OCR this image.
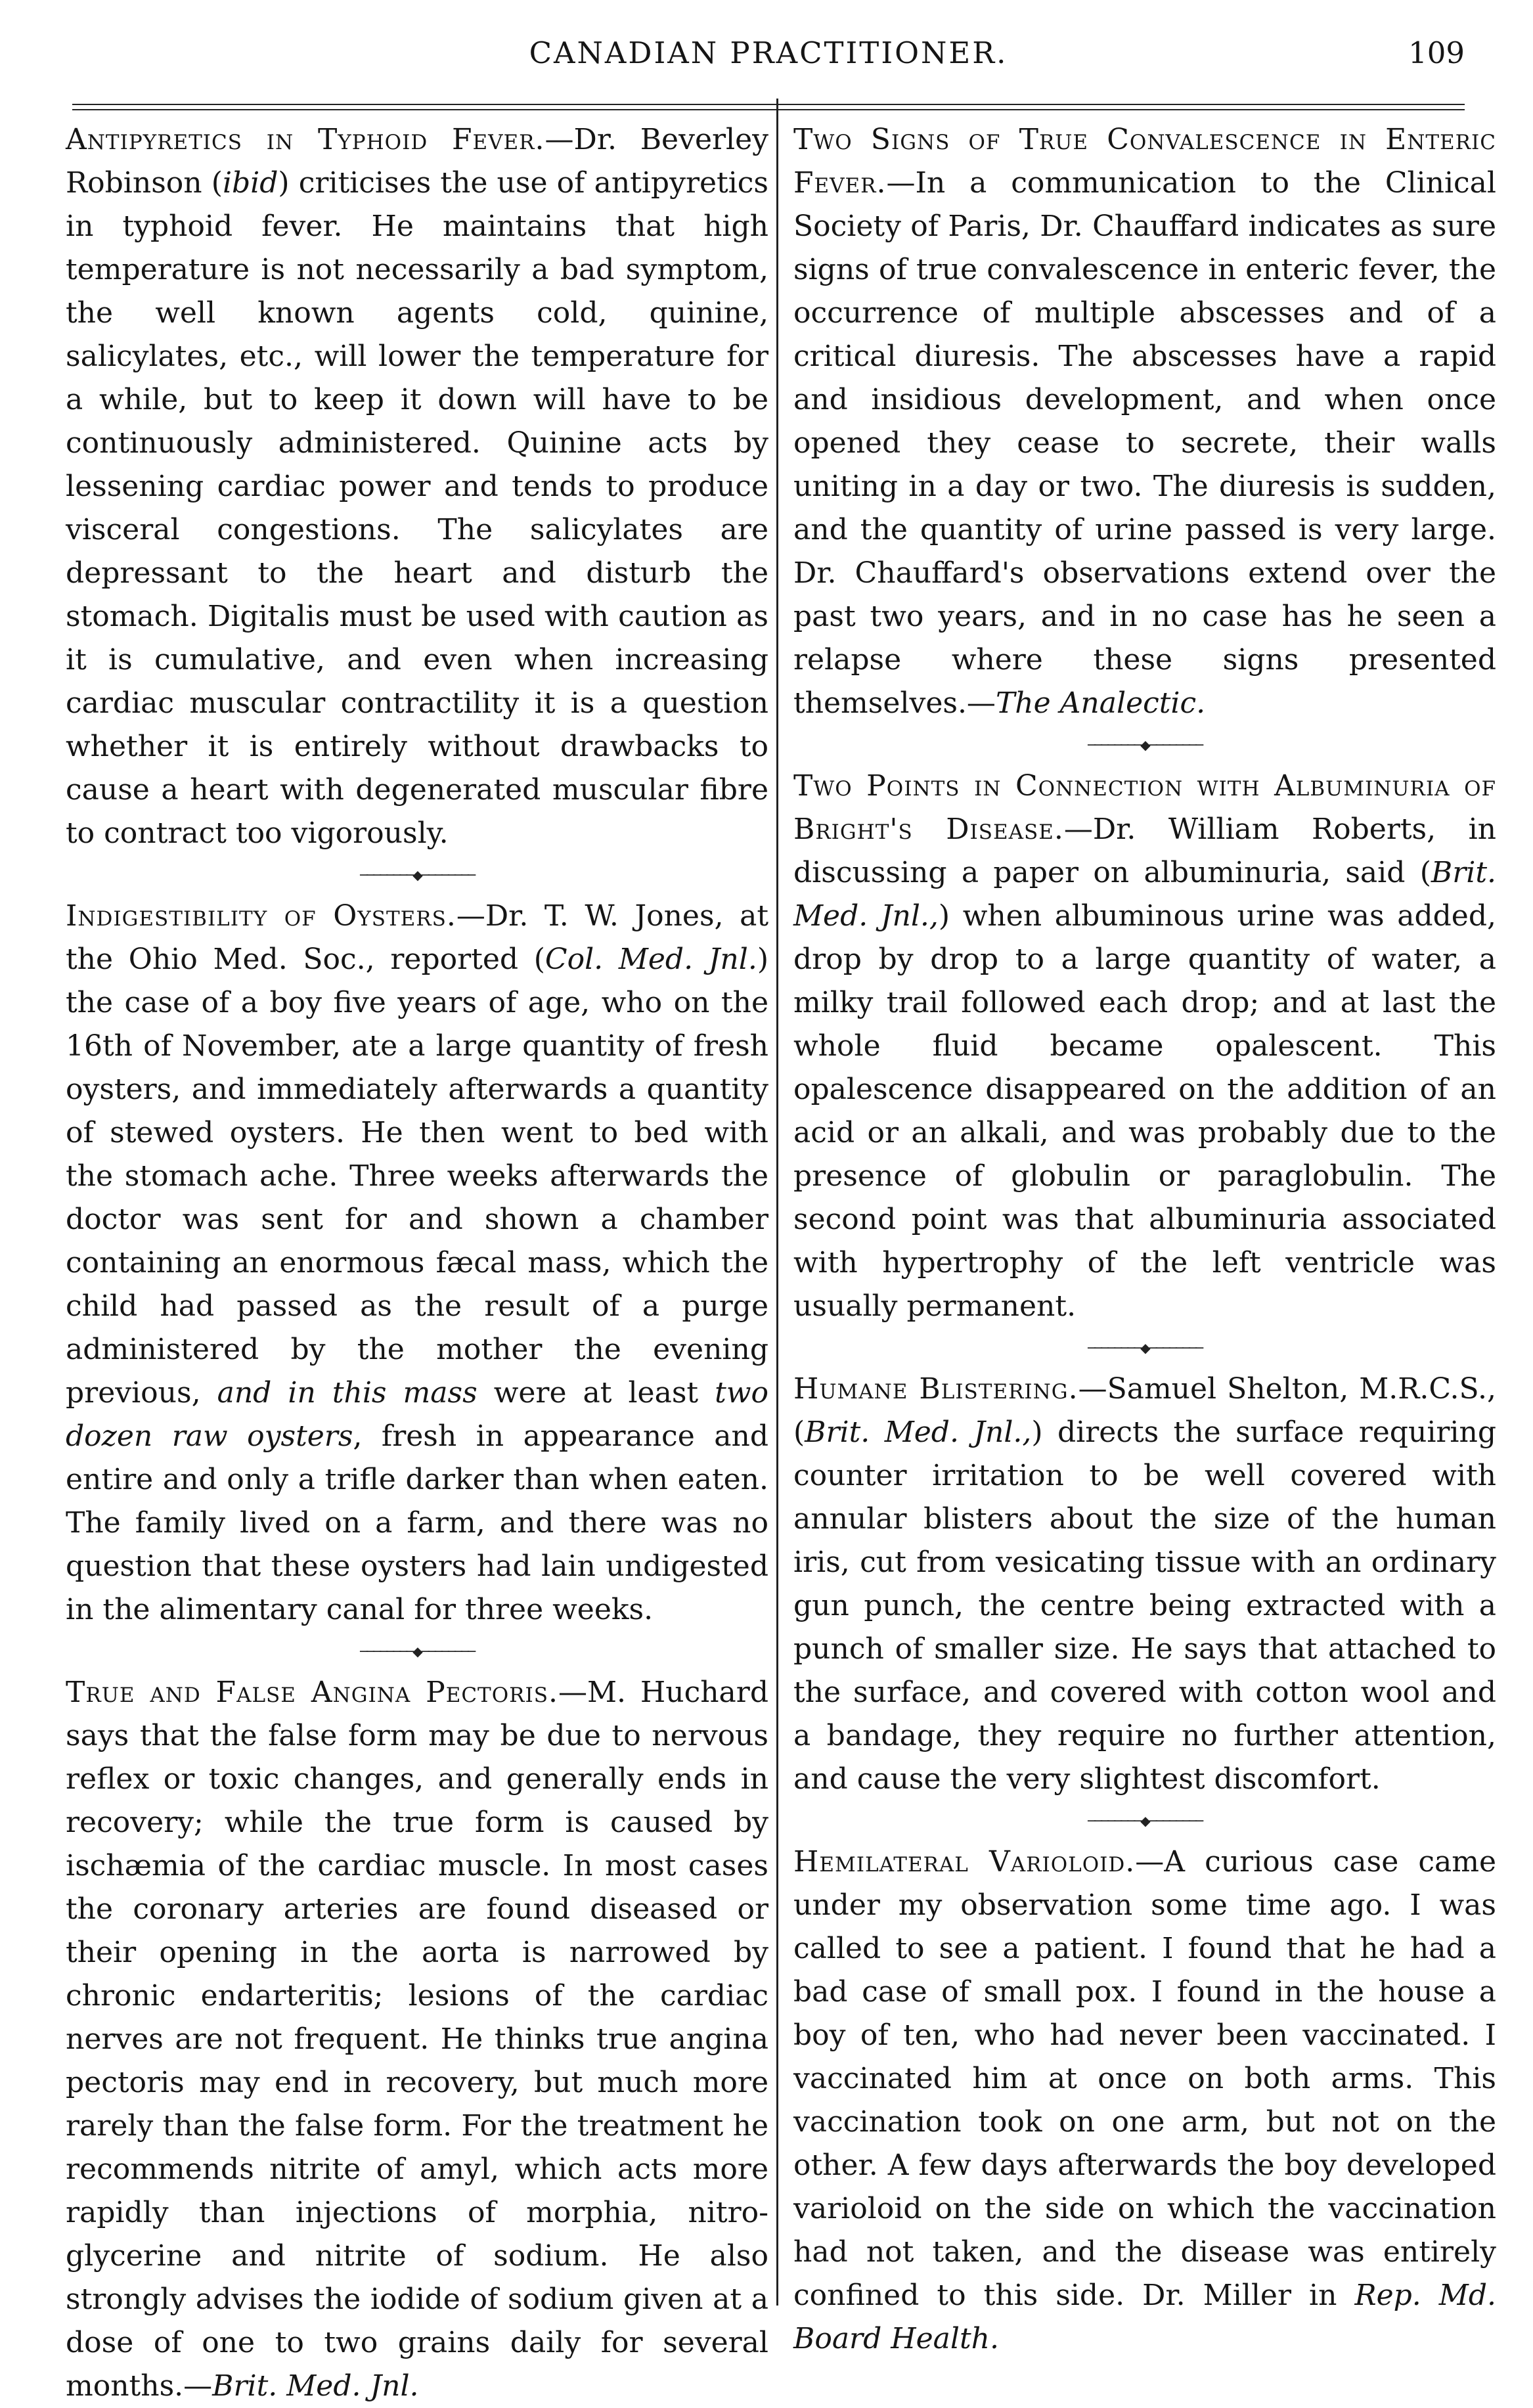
CANADIAN PRACTITIONER.	109

Antipyretics in Typhoid Fever.—Dr. Beverley Robinson (ibid) criticises the use of antipyretics in typhoid fever. He maintains that high temperature is not necessarily a bad symptom, the well known agents cold, quinine, salicylates, etc., will lower the temperature for a while, but to keep it down will have to be continuously administered. Quinine acts by lessening cardiac power and tends to produce visceral congestions. The salicylates are depressant to the heart and disturb the stomach. Digitalis must be used with caution as it is cumulative, and even when increasing cardiac muscular contractility it is a question whether it is entirely without drawbacks to cause a heart with degenerated muscular fibre to contract too vigorously.

────────◆────────

Indigestibility of Oysters.—Dr. T. W. Jones, at the Ohio Med. Soc., reported (Col. Med. Jnl.) the case of a boy five years of age, who on the 16th of November, ate a large quantity of fresh oysters, and immediately afterwards a quantity of stewed oysters. He then went to bed with the stomach ache. Three weeks afterwards the doctor was sent for and shown a chamber containing an enormous fæcal mass, which the child had passed as the result of a purge administered by the mother the evening previous, and in this mass were at least two dozen raw oysters, fresh in appearance and entire and only a trifle darker than when eaten. The family lived on a farm, and there was no question that these oysters had lain undigested in the alimentary canal for three weeks.

────────◆────────

True and False Angina Pectoris.—M. Huchard says that the false form may be due to nervous reflex or toxic changes, and generally ends in recovery; while the true form is caused by ischæmia of the cardiac muscle. In most cases the coronary arteries are found diseased or their opening in the aorta is narrowed by chronic endarteritis; lesions of the cardiac nerves are not frequent. He thinks true angina pectoris may end in recovery, but much more rarely than the false form. For the treatment he recommends nitrite of amyl, which acts more rapidly than injections of morphia, nitro-glycerine and nitrite of sodium. He also strongly advises the iodide of sodium given at a dose of one to two grains daily for several months.—Brit. Med. Jnl.

Two Signs of True Convalescence in Enteric Fever.—In a communication to the Clinical Society of Paris, Dr. Chauffard indicates as sure signs of true convalescence in enteric fever, the occurrence of multiple abscesses and of a critical diuresis. The abscesses have a rapid and insidious development, and when once opened they cease to secrete, their walls uniting in a day or two. The diuresis is sudden, and the quantity of urine passed is very large. Dr. Chauffard's observations extend over the past two years, and in no case has he seen a relapse where these signs presented themselves.—The Analectic.

────────◆────────

Two Points in Connection with Albuminuria of Bright's Disease.—Dr. William Roberts, in discussing a paper on albuminuria, said (Brit. Med. Jnl.,) when albuminous urine was added, drop by drop to a large quantity of water, a milky trail followed each drop; and at last the whole fluid became opalescent. This opalescence disappeared on the addition of an acid or an alkali, and was probably due to the presence of globulin or paraglobulin. The second point was that albuminuria associated with hypertrophy of the left ventricle was usually permanent.

────────◆────────

Humane Blistering.—Samuel Shelton, M.R.C.S., (Brit. Med. Jnl.,) directs the surface requiring counter irritation to be well covered with annular blisters about the size of the human iris, cut from vesicating tissue with an ordinary gun punch, the centre being extracted with a punch of smaller size. He says that attached to the surface, and covered with cotton wool and a bandage, they require no further attention, and cause the very slightest discomfort.

────────◆────────

Hemilateral Varioloid.—A curious case came under my observation some time ago. I was called to see a patient. I found that he had a bad case of small pox. I found in the house a boy of ten, who had never been vaccinated. I vaccinated him at once on both arms. This vaccination took on one arm, but not on the other. A few days afterwards the boy developed varioloid on the side on which the vaccination had not taken, and the disease was entirely confined to this side. Dr. Miller in Rep. Md. Board Health.
